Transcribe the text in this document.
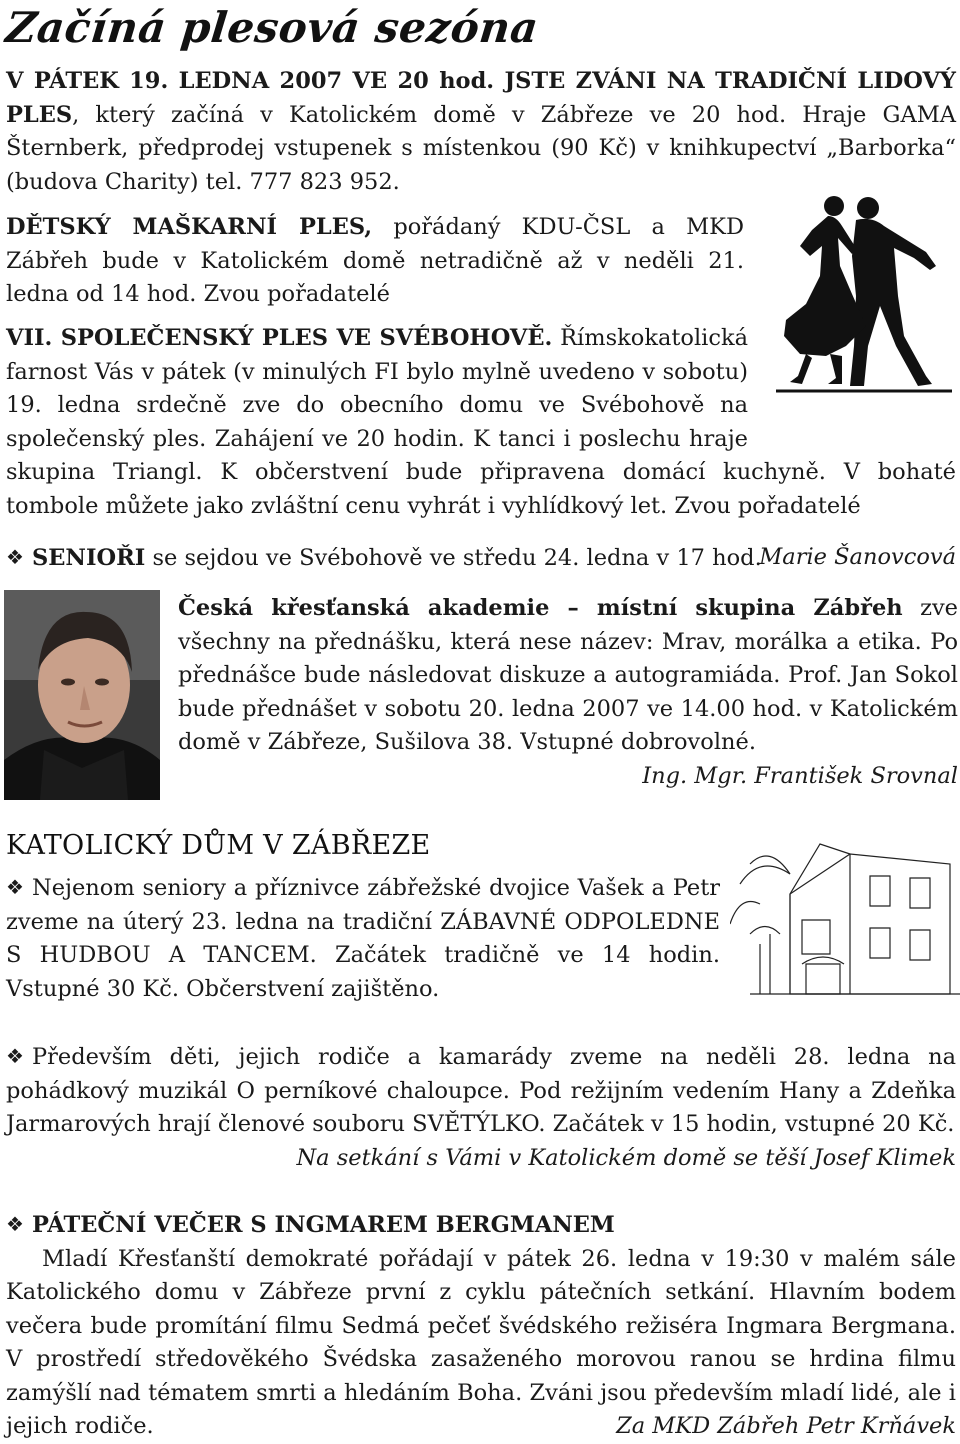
Začíná plesová sezóna

V PÁTEK 19. LEDNA 2007 VE 20 hod. JSTE ZVÁNI NA TRADIČNÍ LIDOVÝ PLES, který začíná v Katolickém domě v Zábřeze ve 20 hod. Hraje GAMA Šternberk, předprodej vstupenek s místenkou (90 Kč) v knihkupectví „Barborka“ (budova Charity) tel. 777 823 952.

DĚTSKÝ MAŠKARNÍ PLES, pořádaný KDU-ČSL a MKD Zábřeh bude v Katolickém domě netradičně až v neděli 21. ledna od 14 hod. Zvou pořadatelé

VII. SPOLEČENSKÝ PLES VE SVÉBOHOVĚ. Římskokatolická farnost Vás v pátek (v minulých FI bylo mylně uvedeno v sobotu) 19. ledna srdečně zve do obecního domu ve Svébohově na společenský ples. Zahájení ve 20 hodin. K tanci i poslechu hraje skupina Triangl. K občerstvení bude připravena domácí kuchyně. V bohaté tombole můžete jako zvláštní cenu vyhrát i vyhlídkový let. Zvou pořadatelé

❖ SENIOŘI se sejdou ve Svébohově ve středu 24. ledna v 17 hod.
Marie Šanovcová

Česká křesťanská akademie – místní skupina Zábřeh zve všechny na přednášku, která nese název: Mrav, morálka a etika. Po přednášce bude následovat diskuze a autogramiáda. Prof. Jan Sokol bude přednášet v sobotu 20. ledna 2007 ve 14.00 hod. v Katolickém domě v Zábřeze, Sušilova 38. Vstupné dobrovolné.
Ing. Mgr. František Srovnal

KATOLICKÝ DŮM V ZÁBŘEZE

❖ Nejenom seniory a příznivce zábřežské dvojice Vašek a Petr zveme na úterý 23. ledna na tradiční ZÁBAVNÉ ODPOLEDNE S HUDBOU A TANCEM. Začátek tradičně ve 14 hodin. Vstupné 30 Kč. Občerstvení zajištěno.

❖ Především děti, jejich rodiče a kamarády zveme na neděli 28. ledna na pohádkový muzikál O perníkové chaloupce. Pod režijním vedením Hany a Zdeňka Jarmarových hrají členové souboru SVĚTÝLKO. Začátek v 15 hodin, vstupné 20 Kč.
Na setkání s Vámi v Katolickém domě se těší Josef Klimek

❖ PÁTEČNÍ VEČER S INGMAREM BERGMANEM
Mladí Křesťanští demokraté pořádají v pátek 26. ledna v 19:30 v malém sále Katolického domu v Zábřeze první z cyklu pátečních setkání. Hlavním bodem večera bude promítání filmu Sedmá pečeť švédského režiséra Ingmara Bergmana. V prostředí středověkého Švédska zasaženého morovou ranou se hrdina filmu zamýšlí nad tématem smrti a hledáním Boha. Zváni jsou především mladí lidé, ale i jejich rodiče.	Za MKD Zábřeh Petr Krňávek
